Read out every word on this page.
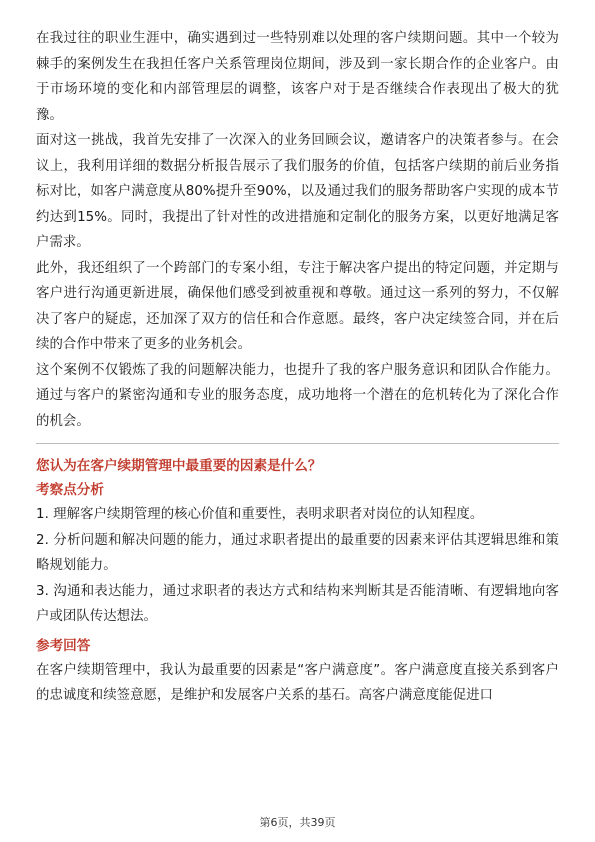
在我过往的职业生涯中，确实遇到过一些特别难以处理的客户续期问题。其中一个较为棘手的案例发生在我担任客户关系管理岗位期间，涉及到一家长期合作的企业客户。由于市场环境的变化和内部管理层的调整，该客户对于是否继续合作表现出了极大的犹豫。

面对这一挑战，我首先安排了一次深入的业务回顾会议，邀请客户的决策者参与。在会议上，我利用详细的数据分析报告展示了我们服务的价值，包括客户续期的前后业务指标对比，如客户满意度从80%提升至90%，以及通过我们的服务帮助客户实现的成本节约达到15%。同时，我提出了针对性的改进措施和定制化的服务方案，以更好地满足客户需求。

此外，我还组织了一个跨部门的专案小组，专注于解决客户提出的特定问题，并定期与客户进行沟通更新进展，确保他们感受到被重视和尊敬。通过这一系列的努力，不仅解决了客户的疑虑，还加深了双方的信任和合作意愿。最终，客户决定续签合同，并在后续的合作中带来了更多的业务机会。

这个案例不仅锻炼了我的问题解决能力，也提升了我的客户服务意识和团队合作能力。通过与客户的紧密沟通和专业的服务态度，成功地将一个潜在的危机转化为了深化合作的机会。

您认为在客户续期管理中最重要的因素是什么？

考察点分析

1. 理解客户续期管理的核心价值和重要性，表明求职者对岗位的认知程度。

2. 分析问题和解决问题的能力，通过求职者提出的最重要的因素来评估其逻辑思维和策略规划能力。

3. 沟通和表达能力，通过求职者的表达方式和结构来判断其是否能清晰、有逻辑地向客户或团队传达想法。

参考回答

在客户续期管理中，我认为最重要的因素是“客户满意度”。客户满意度直接关系到客户的忠诚度和续签意愿，是维护和发展客户关系的基石。高客户满意度能促进口

第6页，共39页
